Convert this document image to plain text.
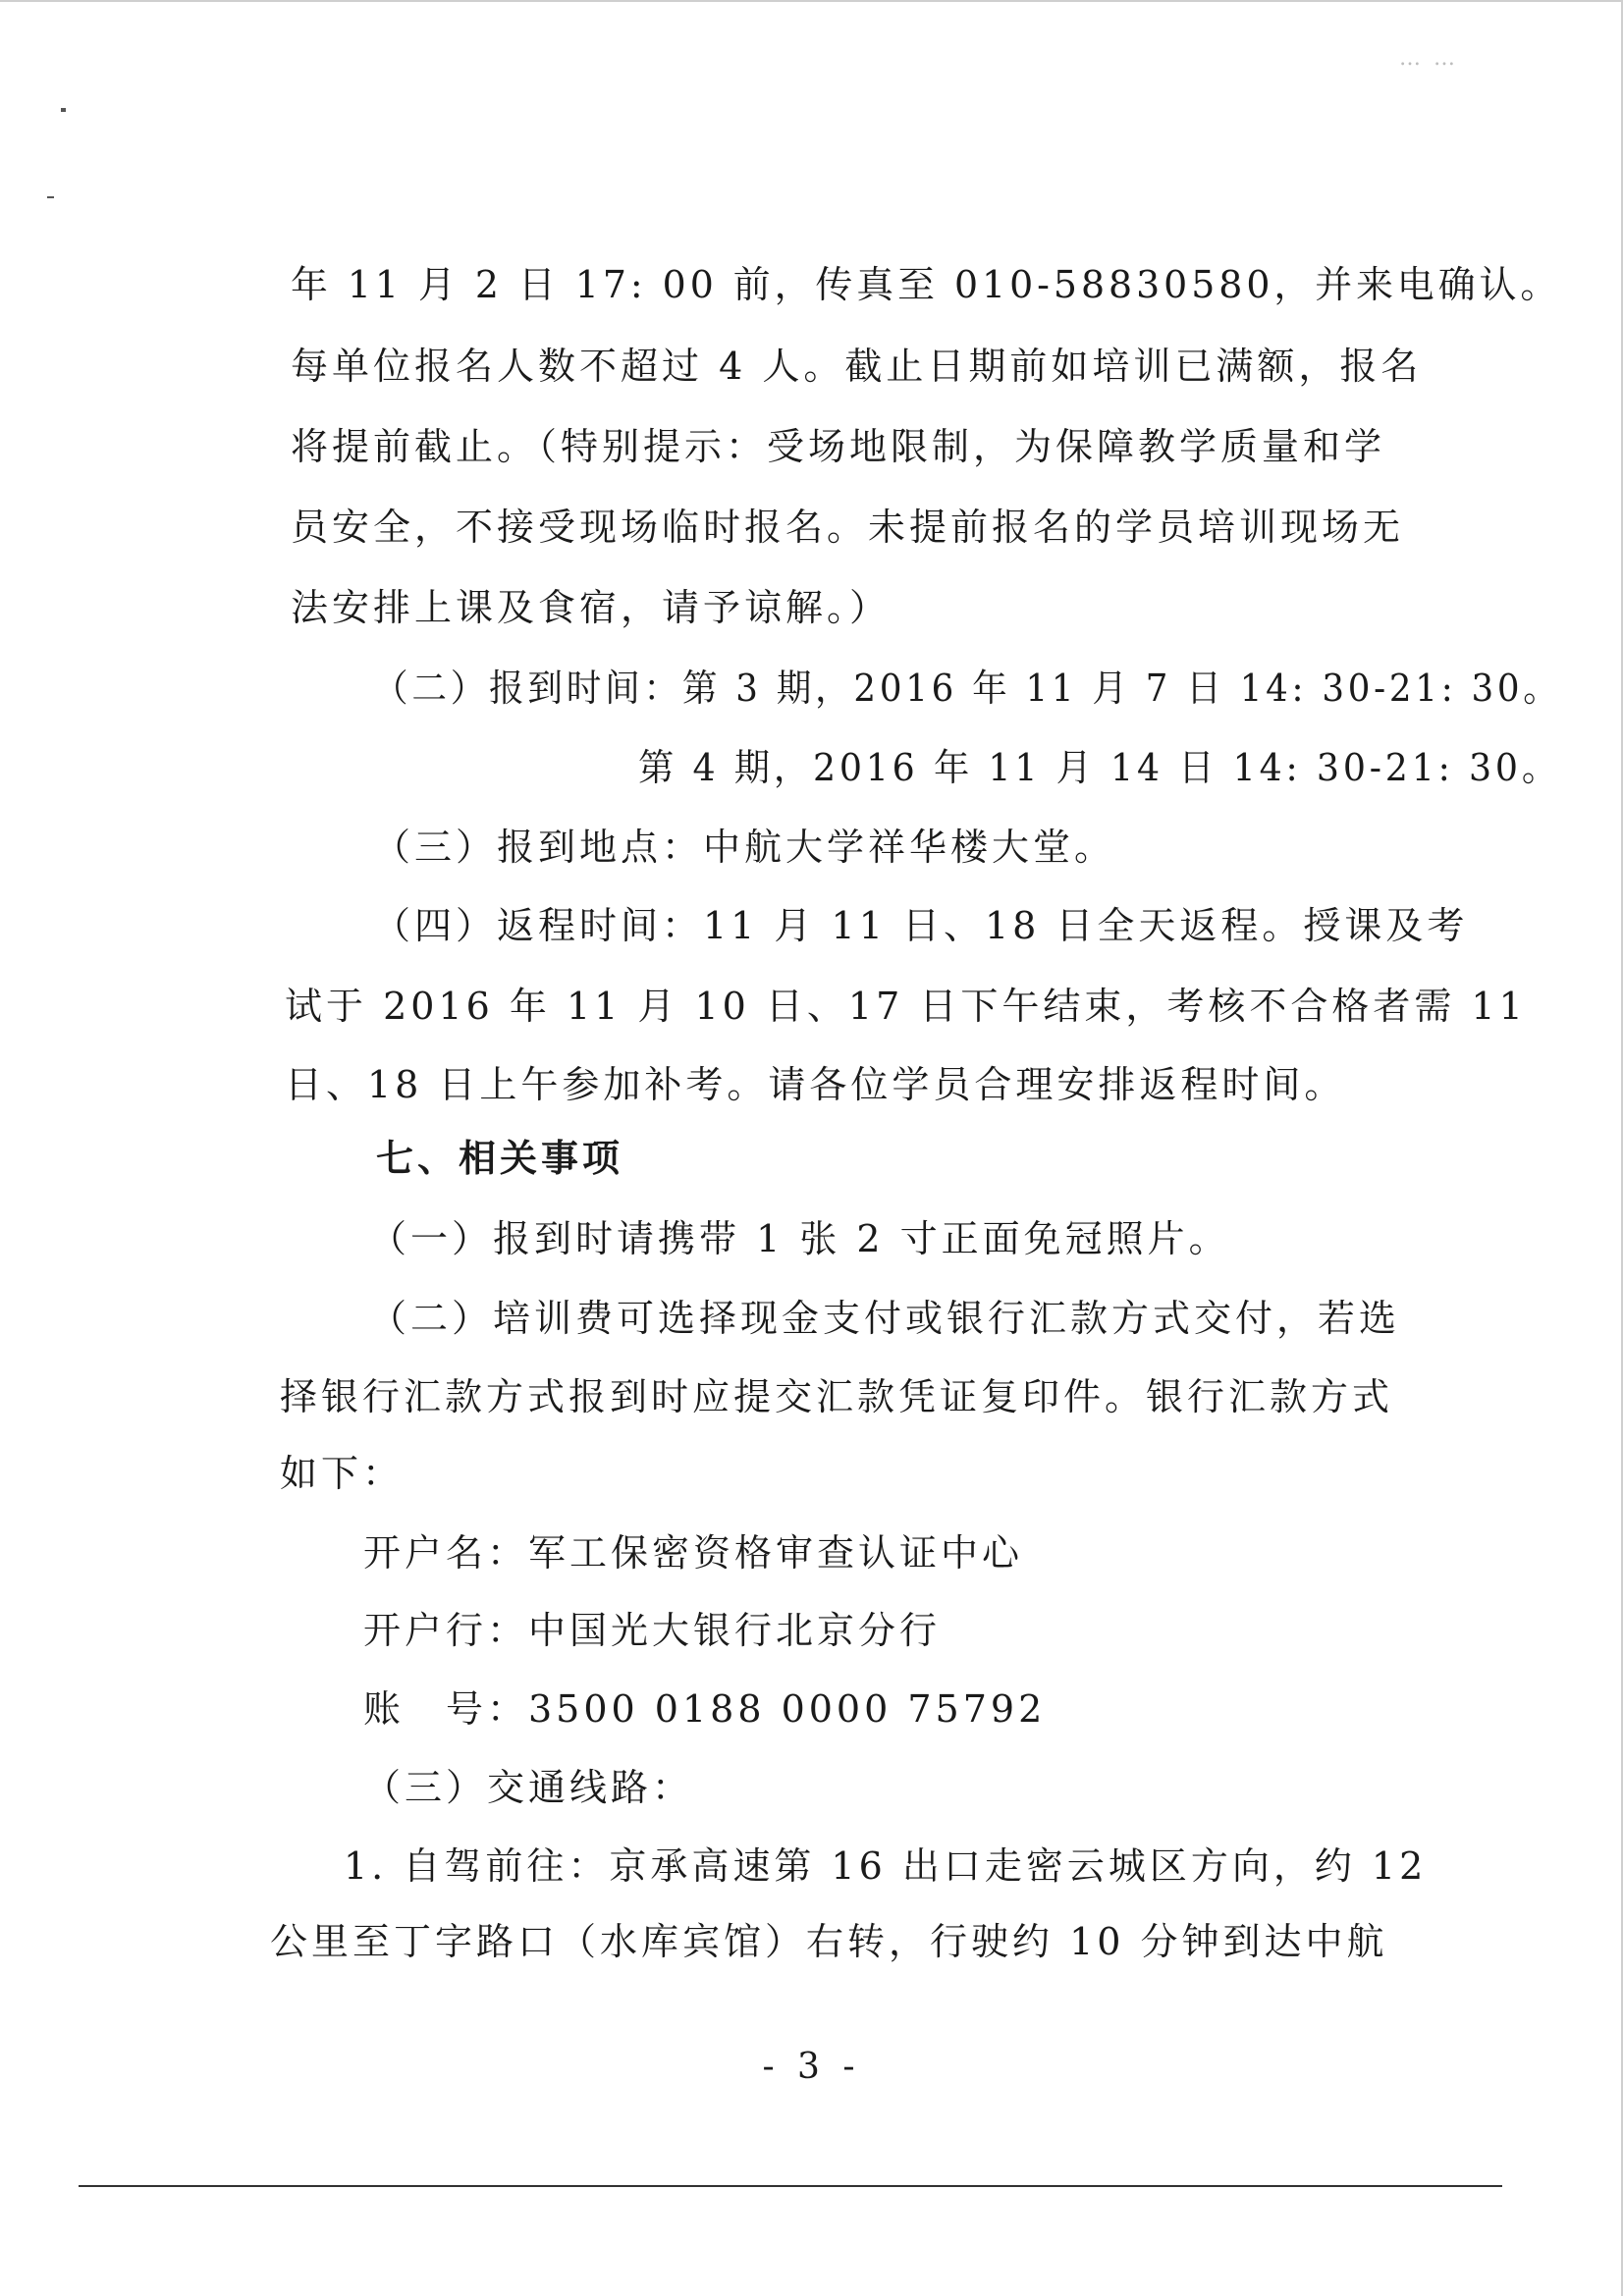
… …
年 11 月 2 日 17: 00 前，传真至 010-58830580，并来电确认。
每单位报名人数不超过 4 人。截止日期前如培训已满额，报名
将提前截止。（特别提示：受场地限制，为保障教学质量和学
员安全，不接受现场临时报名。未提前报名的学员培训现场无
法安排上课及食宿，请予谅解。）
（二）报到时间：第 3 期，2016 年 11 月 7 日 14: 30-21: 30。
第 4 期，2016 年 11 月 14 日 14: 30-21: 30。
（三）报到地点：中航大学祥华楼大堂。
（四）返程时间：11 月 11 日、18 日全天返程。授课及考
试于 2016 年 11 月 10 日、17 日下午结束，考核不合格者需 11
日、18 日上午参加补考。请各位学员合理安排返程时间。
七、相关事项
（一）报到时请携带 1 张 2 寸正面免冠照片。
（二）培训费可选择现金支付或银行汇款方式交付，若选
择银行汇款方式报到时应提交汇款凭证复印件。银行汇款方式
如下：
开户名：军工保密资格审查认证中心
开户行：中国光大银行北京分行
账　号：3500 0188 0000 75792
（三）交通线路：
1. 自驾前往：京承高速第 16 出口走密云城区方向，约 12
公里至丁字路口（水库宾馆）右转，行驶约 10 分钟到达中航
- 3 -
